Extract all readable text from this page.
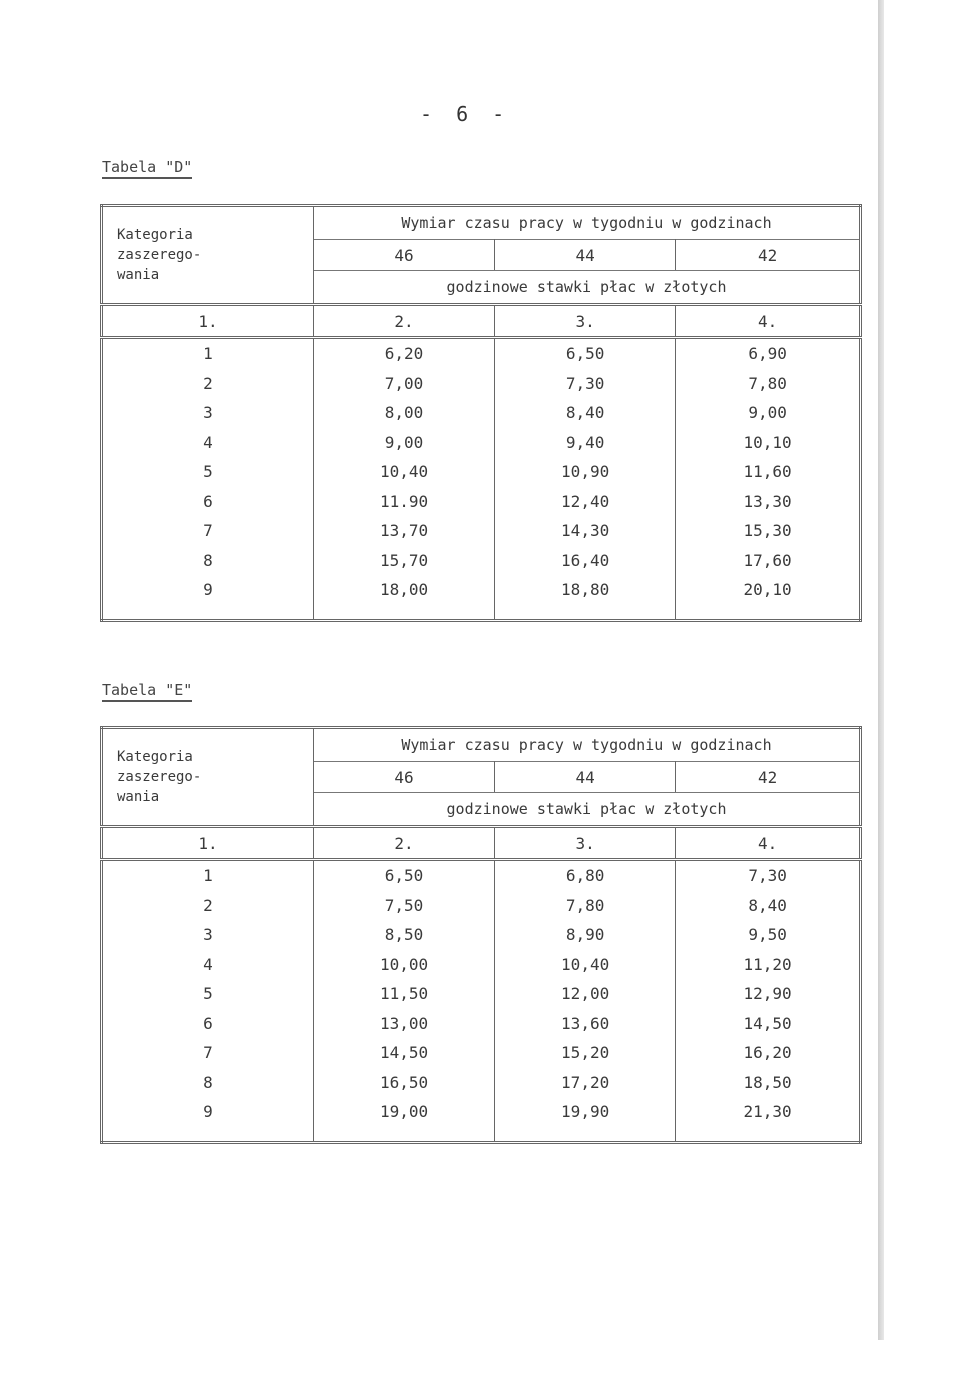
- 6 -
Tabela "D"
Kategoria
zaszerego-
wania	Wymiar czasu pracy w tygodniu w godzinach		
	46	44	42
	godzinowe stawki płac w złotych		
1.	2.	3.	4.
1	6,20	6,50	6,90
2	7,00	7,30	7,80
3	8,00	8,40	9,00
4	9,00	9,40	10,10
5	10,40	10,90	11,60
6	11.90	12,40	13,30
7	13,70	14,30	15,30
8	15,70	16,40	17,60
9	18,00	18,80	20,10

Tabela "E"
Kategoria
zaszerego-
wania	Wymiar czasu pracy w tygodniu w godzinach		
	46	44	42
	godzinowe stawki płac w złotych		
1.	2.	3.	4.
1	6,50	6,80	7,30
2	7,50	7,80	8,40
3	8,50	8,90	9,50
4	10,00	10,40	11,20
5	11,50	12,00	12,90
6	13,00	13,60	14,50
7	14,50	15,20	16,20
8	16,50	17,20	18,50
9	19,00	19,90	21,30
